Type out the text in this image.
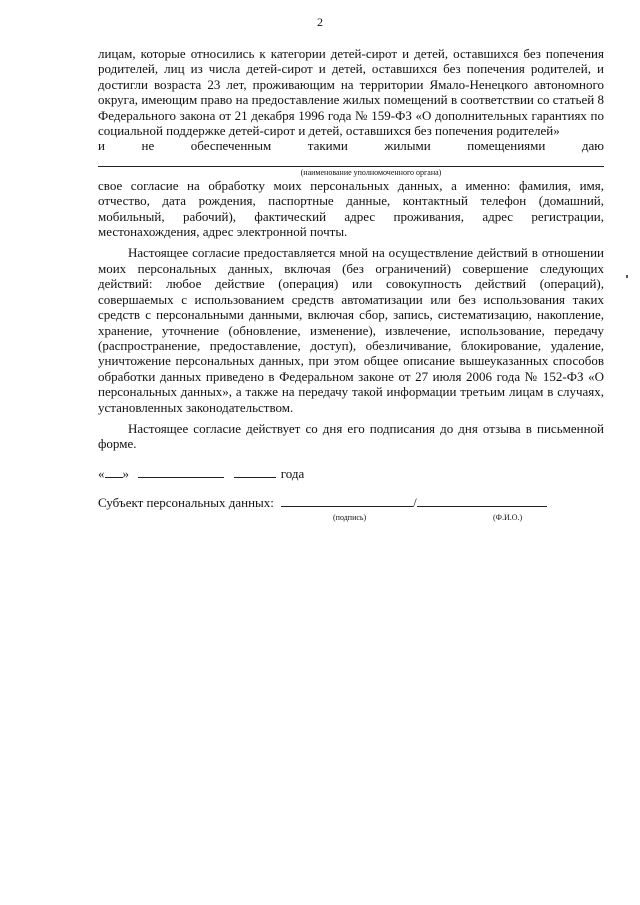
2

лицам, которые относились к категории детей-сирот и детей, оставшихся без попечения родителей, лиц из числа детей-сирот и детей, оставшихся без попечения родителей, и достигли возраста 23 лет, проживающим на территории Ямало-Ненецкого автономного округа, имеющим право на предоставление жилых помещений в соответствии со статьей 8 Федерального закона от 21 декабря 1996 года № 159-ФЗ «О дополнительных гарантиях по социальной поддержке детей-сирот и детей, оставшихся без попечения родителей»

и не обеспеченным такими жилыми помещениями даю

(наименование уполномоченного органа)

свое согласие на обработку моих персональных данных, а именно: фамилия, имя, отчество, дата рождения, паспортные данные, контактный телефон (домашний, мобильный, рабочий), фактический адрес проживания, адрес регистрации, местонахождения, адрес электронной почты.

Настоящее согласие предоставляется мной на осуществление действий в отношении моих персональных данных, включая (без ограничений) совершение следующих действий: любое действие (операция) или совокупность действий (операций), совершаемых с использованием средств автоматизации или без использования таких средств с персональными данными, включая сбор, запись, систематизацию, накопление, хранение, уточнение (обновление, изменение), извлечение, использование, передачу (распространение, предоставление, доступ), обезличивание, блокирование, удаление, уничтожение персональных данных, при этом общее описание вышеуказанных способов обработки данных приведено в Федеральном законе от 27 июля 2006 года № 152-ФЗ «О персональных данных», а также на передачу такой информации третьим лицам в случаях, установленных законодательством.

Настоящее согласие действует со дня его подписания до дня отзыва в письменной форме.

« »	года
Субъект персональных данных:	/
(подпись)	(Ф.И.О.)
